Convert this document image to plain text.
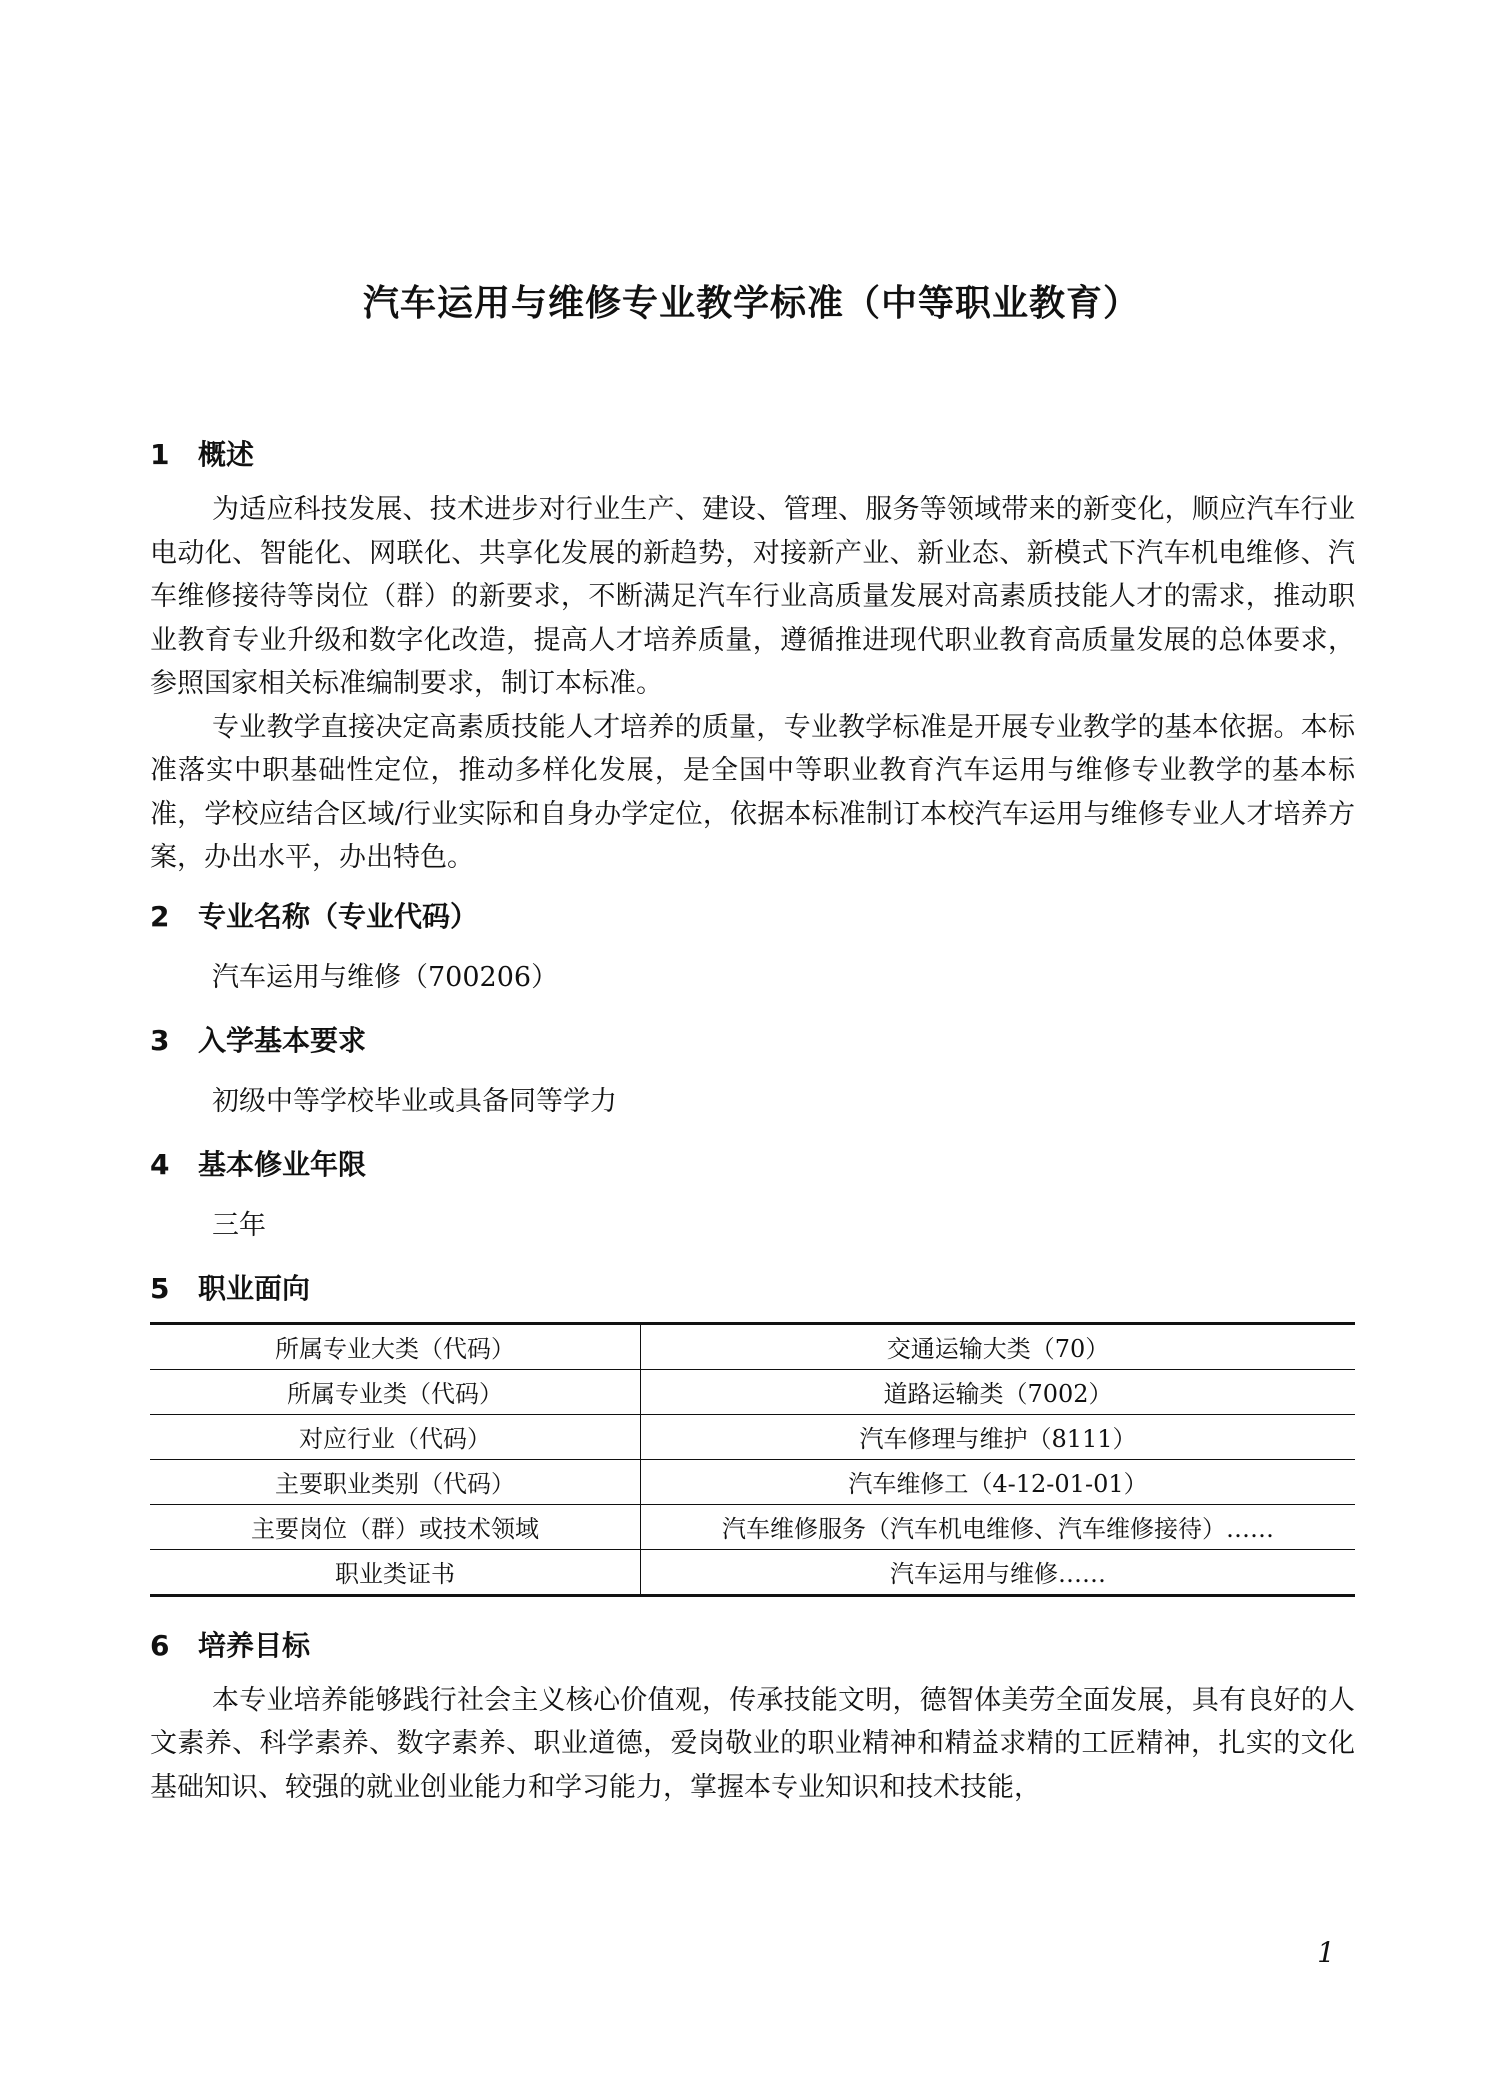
汽车运用与维修专业教学标准（中等职业教育）
1 概述

为适应科技发展、技术进步对行业生产、建设、管理、服务等领域带来的新变化，顺应汽车行业电动化、智能化、网联化、共享化发展的新趋势，对接新产业、新业态、新模式下汽车机电维修、汽车维修接待等岗位（群）的新要求，不断满足汽车行业高质量发展对高素质技能人才的需求，推动职业教育专业升级和数字化改造，提高人才培养质量，遵循推进现代职业教育高质量发展的总体要求，参照国家相关标准编制要求，制订本标准。

专业教学直接决定高素质技能人才培养的质量，专业教学标准是开展专业教学的基本依据。本标准落实中职基础性定位，推动多样化发展，是全国中等职业教育汽车运用与维修专业教学的基本标准，学校应结合区域/行业实际和自身办学定位，依据本标准制订本校汽车运用与维修专业人才培养方案，办出水平，办出特色。

2 专业名称（专业代码）
汽车运用与维修（700206）
3 入学基本要求
初级中等学校毕业或具备同等学力
4 基本修业年限
三年
5 职业面向
所属专业大类（代码）	交通运输大类（70）
所属专业类（代码）	道路运输类（7002）
对应行业（代码）	汽车修理与维护（8111）
主要职业类别（代码）	汽车维修工（4-12-01-01）
主要岗位（群）或技术领域	汽车维修服务（汽车机电维修、汽车维修接待）……
职业类证书	汽车运用与维修……
6 培养目标

本专业培养能够践行社会主义核心价值观，传承技能文明，德智体美劳全面发展，具有良好的人文素养、科学素养、数字素养、职业道德，爱岗敬业的职业精神和精益求精的工匠精神，扎实的文化基础知识、较强的就业创业能力和学习能力，掌握本专业知识和技术技能，

1
